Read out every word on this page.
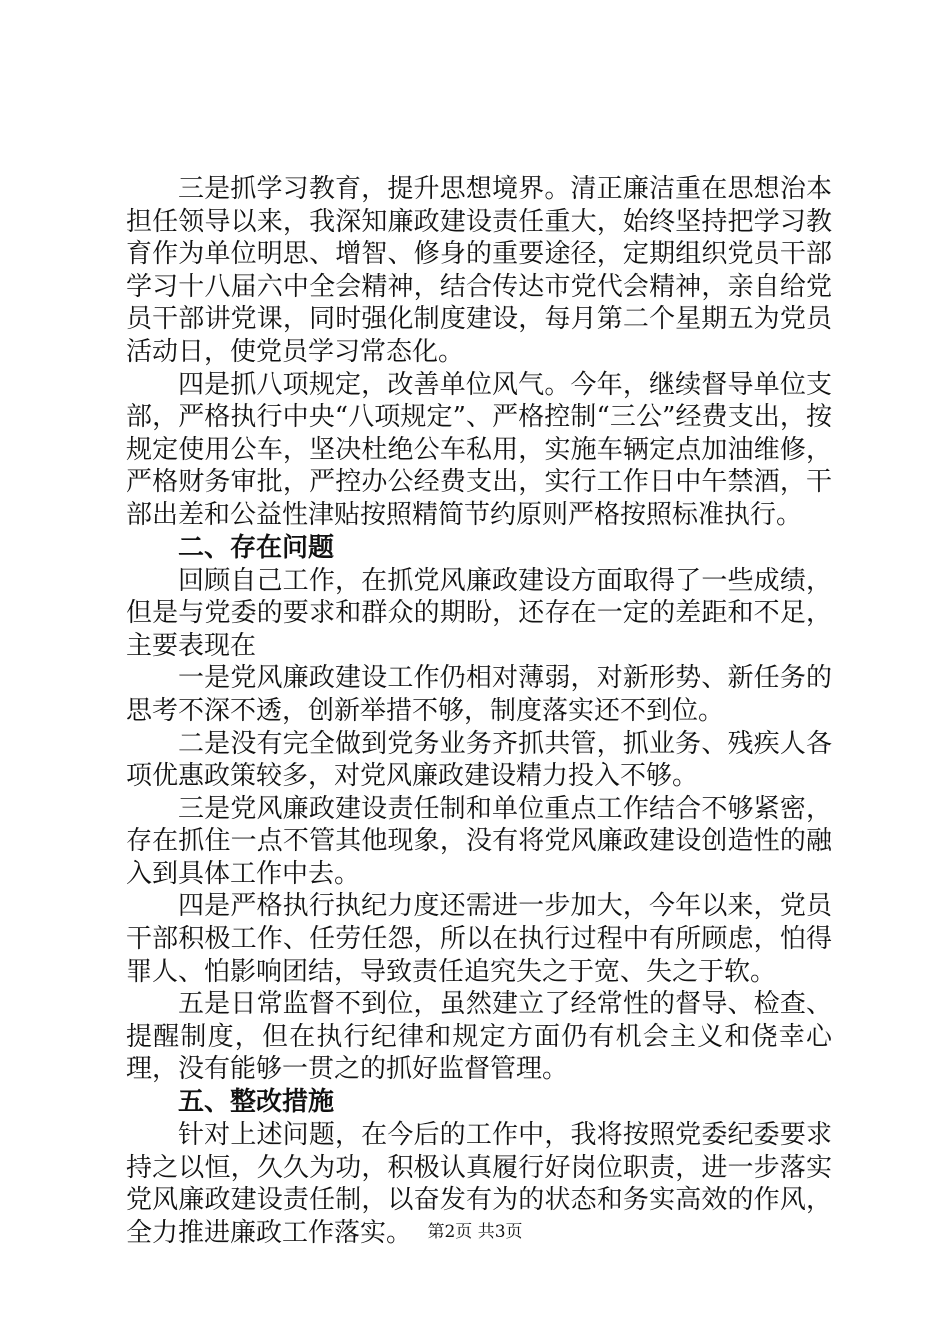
三是抓学习教育，提升思想境界。清正廉洁重在思想治本担任领导以来，我深知廉政建设责任重大，始终坚持把学习教育作为单位明思、增智、修身的重要途径，定期组织党员干部学习十八届六中全会精神，结合传达市党代会精神，亲自给党员干部讲党课，同时强化制度建设，每月第二个星期五为党员活动日，使党员学习常态化。

四是抓八项规定，改善单位风气。今年，继续督导单位支部，严格执行中央“八项规定”、严格控制“三公”经费支出，按规定使用公车，坚决杜绝公车私用，实施车辆定点加油维修，严格财务审批，严控办公经费支出，实行工作日中午禁酒，干部出差和公益性津贴按照精简节约原则严格按照标准执行。

二、存在问题

回顾自己工作，在抓党风廉政建设方面取得了一些成绩，但是与党委的要求和群众的期盼，还存在一定的差距和不足，主要表现在

一是党风廉政建设工作仍相对薄弱，对新形势、新任务的思考不深不透，创新举措不够，制度落实还不到位。

二是没有完全做到党务业务齐抓共管，抓业务、残疾人各项优惠政策较多，对党风廉政建设精力投入不够。

三是党风廉政建设责任制和单位重点工作结合不够紧密，存在抓住一点不管其他现象，没有将党风廉政建设创造性的融入到具体工作中去。

四是严格执行执纪力度还需进一步加大，今年以来，党员干部积极工作、任劳任怨，所以在执行过程中有所顾虑，怕得罪人、怕影响团结，导致责任追究失之于宽、失之于软。

五是日常监督不到位，虽然建立了经常性的督导、检查、提醒制度，但在执行纪律和规定方面仍有机会主义和侥幸心理，没有能够一贯之的抓好监督管理。

五、整改措施

针对上述问题，在今后的工作中，我将按照党委纪委要求持之以恒，久久为功，积极认真履行好岗位职责，进一步落实党风廉政建设责任制，以奋发有为的状态和务实高效的作风，全力推进廉政工作落实。 第2页 共3页
